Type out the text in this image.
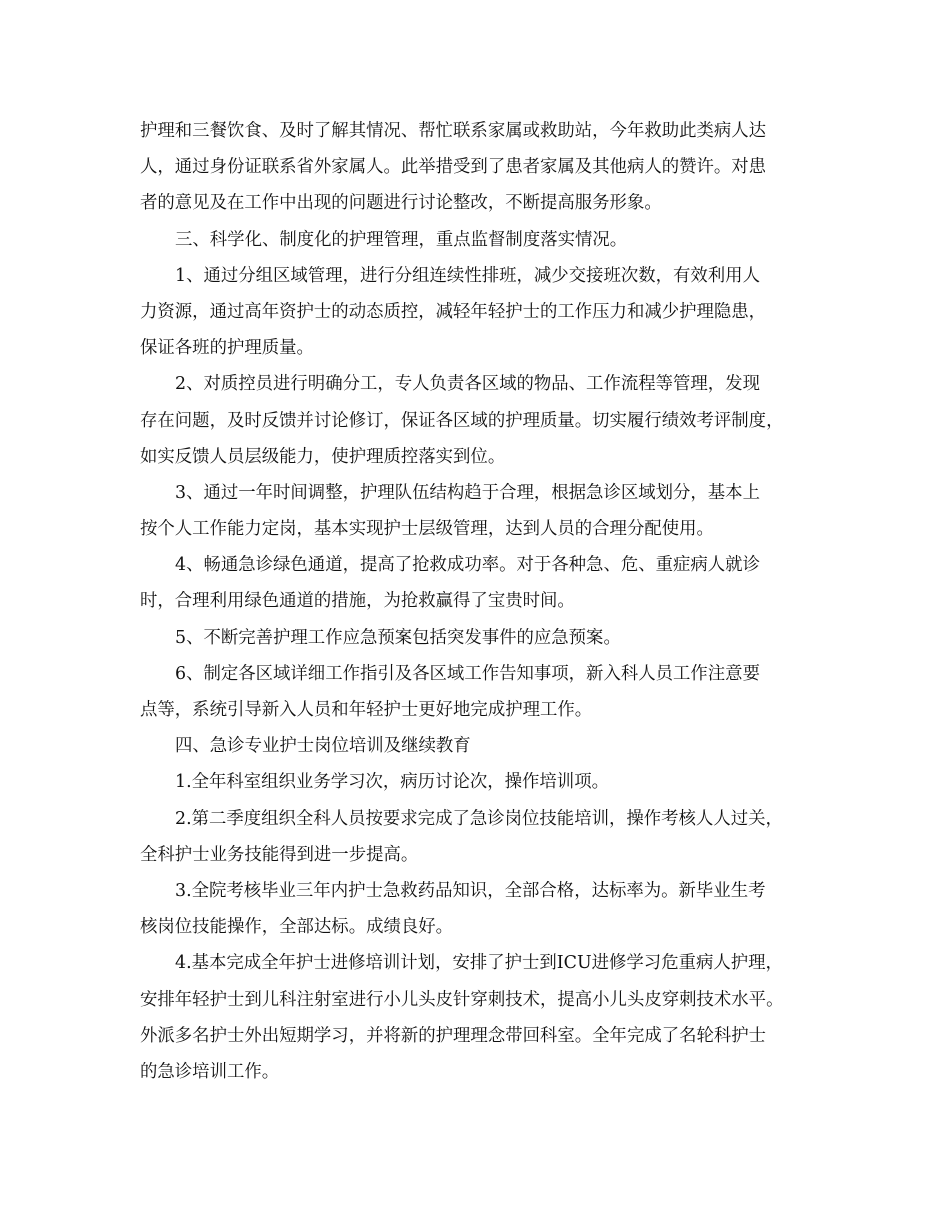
护理和三餐饮食、及时了解其情况、帮忙联系家属或救助站，今年救助此类病人达
人，通过身份证联系省外家属人。此举措受到了患者家属及其他病人的赞许。对患
者的意见及在工作中出现的问题进行讨论整改，不断提高服务形象。
三、科学化、制度化的护理管理，重点监督制度落实情况。
1、通过分组区域管理，进行分组连续性排班，减少交接班次数，有效利用人
力资源，通过高年资护士的动态质控，减轻年轻护士的工作压力和减少护理隐患，
保证各班的护理质量。
2、对质控员进行明确分工，专人负责各区域的物品、工作流程等管理，发现
存在问题，及时反馈并讨论修订，保证各区域的护理质量。切实履行绩效考评制度，
如实反馈人员层级能力，使护理质控落实到位。
3、通过一年时间调整，护理队伍结构趋于合理，根据急诊区域划分，基本上
按个人工作能力定岗，基本实现护士层级管理，达到人员的合理分配使用。
4、畅通急诊绿色通道，提高了抢救成功率。对于各种急、危、重症病人就诊
时，合理利用绿色通道的措施，为抢救赢得了宝贵时间。
5、不断完善护理工作应急预案包括突发事件的应急预案。
6、制定各区域详细工作指引及各区域工作告知事项，新入科人员工作注意要
点等，系统引导新入人员和年轻护士更好地完成护理工作。
四、急诊专业护士岗位培训及继续教育
1.全年科室组织业务学习次，病历讨论次，操作培训项。
2.第二季度组织全科人员按要求完成了急诊岗位技能培训，操作考核人人过关，
全科护士业务技能得到进一步提高。
3.全院考核毕业三年内护士急救药品知识，全部合格，达标率为。新毕业生考
核岗位技能操作，全部达标。成绩良好。
4.基本完成全年护士进修培训计划，安排了护士到ICU进修学习危重病人护理，
安排年轻护士到儿科注射室进行小儿头皮针穿刺技术，提高小儿头皮穿刺技术水平。
外派多名护士外出短期学习，并将新的护理理念带回科室。全年完成了名轮科护士
的急诊培训工作。
